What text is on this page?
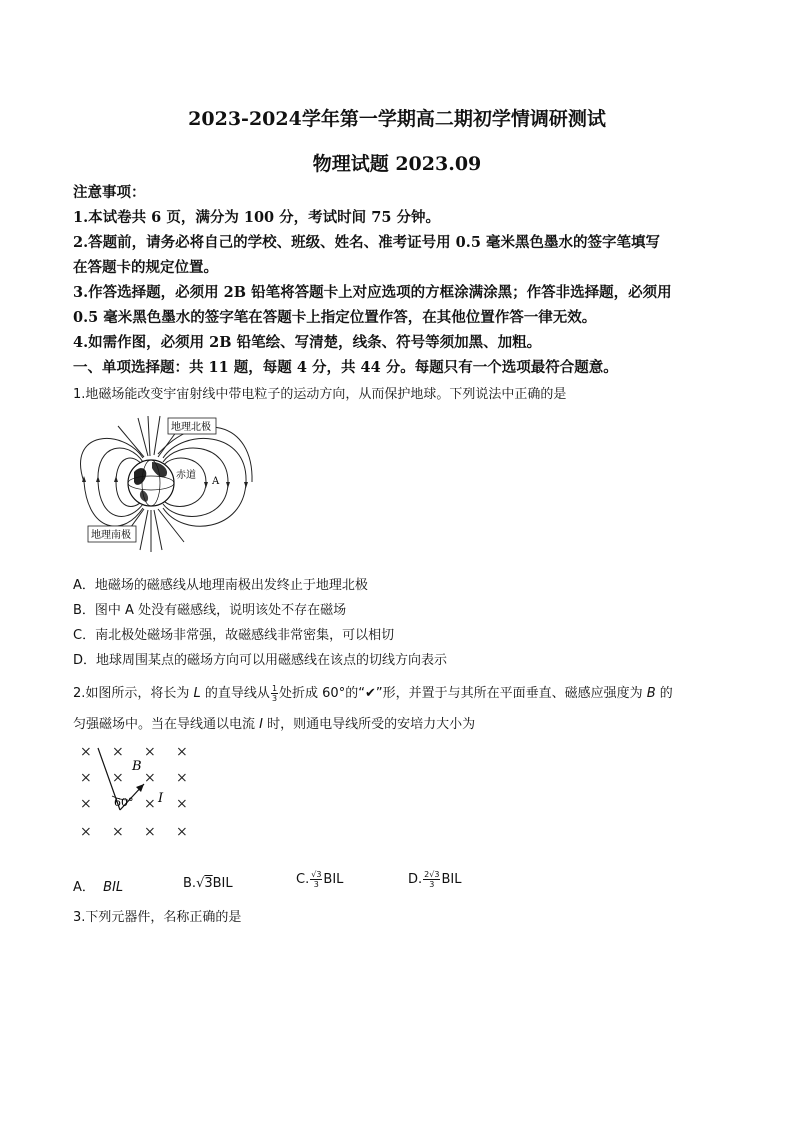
2023-2024学年第一学期高二期初学情调研测试
物理试题 2023.09
注意事项：
1.本试卷共 6 页，满分为 100 分，考试时间 75 分钟。
2.答题前，请务必将自己的学校、班级、姓名、准考证号用 0.5 毫米黑色墨水的签字笔填写
在答题卡的规定位置。
3.作答选择题，必须用 2B 铅笔将答题卡上对应选项的方框涂满涂黑；作答非选择题，必须用
0.5 毫米黑色墨水的签字笔在答题卡上指定位置作答，在其他位置作答一律无效。
4.如需作图，必须用 2B 铅笔绘、写清楚，线条、符号等须加黑、加粗。
一、单项选择题：共 11 题，每题 4 分，共 44 分。每题只有一个选项最符合题意。
1.地磁场能改变宇宙射线中带电粒子的运动方向，从而保护地球。下列说法中正确的是
地理北极
赤道
A
地理南极
A．地磁场的磁感线从地理南极出发终止于地理北极
B．图中 A 处没有磁感线，说明该处不存在磁场
C．南北极处磁场非常强，故磁感线非常密集，可以相切
D．地球周围某点的磁场方向可以用磁感线在该点的切线方向表示
2.如图所示，将长为 L 的直导线从 $\frac{1}{3}$ 处折成 60°的“✔”形，并置于与其所在平面垂直、磁感应强度为 B 的
匀强磁场中。当在导线通以电流 I 时，则通电导线所受的安培力大小为
× × × ×
× × × ×
×	× ×
× × × ×
B
60° I
A． BIL	B.√3BIL	C. $\frac{√3}{3}$ BIL	D. $\frac{2√3}{3}$ BIL
3.下列元器件，名称正确的是
